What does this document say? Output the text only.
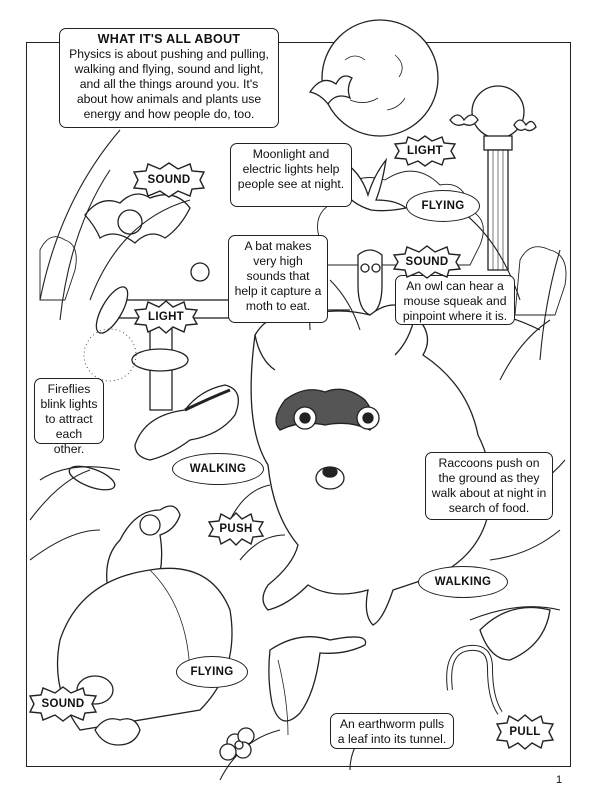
WHAT IT'S ALL ABOUT
Physics is about pushing and pulling, walking and flying, sound and light, and all the things around you. It's about how animals and plants use energy and how people do, too.
Moonlight and electric lights help people see at night.
A bat makes very high sounds that help it capture a moth to eat.
An owl can hear a mouse squeak and pinpoint where it is.
Fireflies blink lights to attract each other.
Raccoons push on the ground as they walk about at night in search of food.
An earthworm pulls a leaf into its tunnel.
SOUND
LIGHT
SOUND
LIGHT
PUSH
SOUND
PULL
FLYING
WALKING
WALKING
FLYING
1
